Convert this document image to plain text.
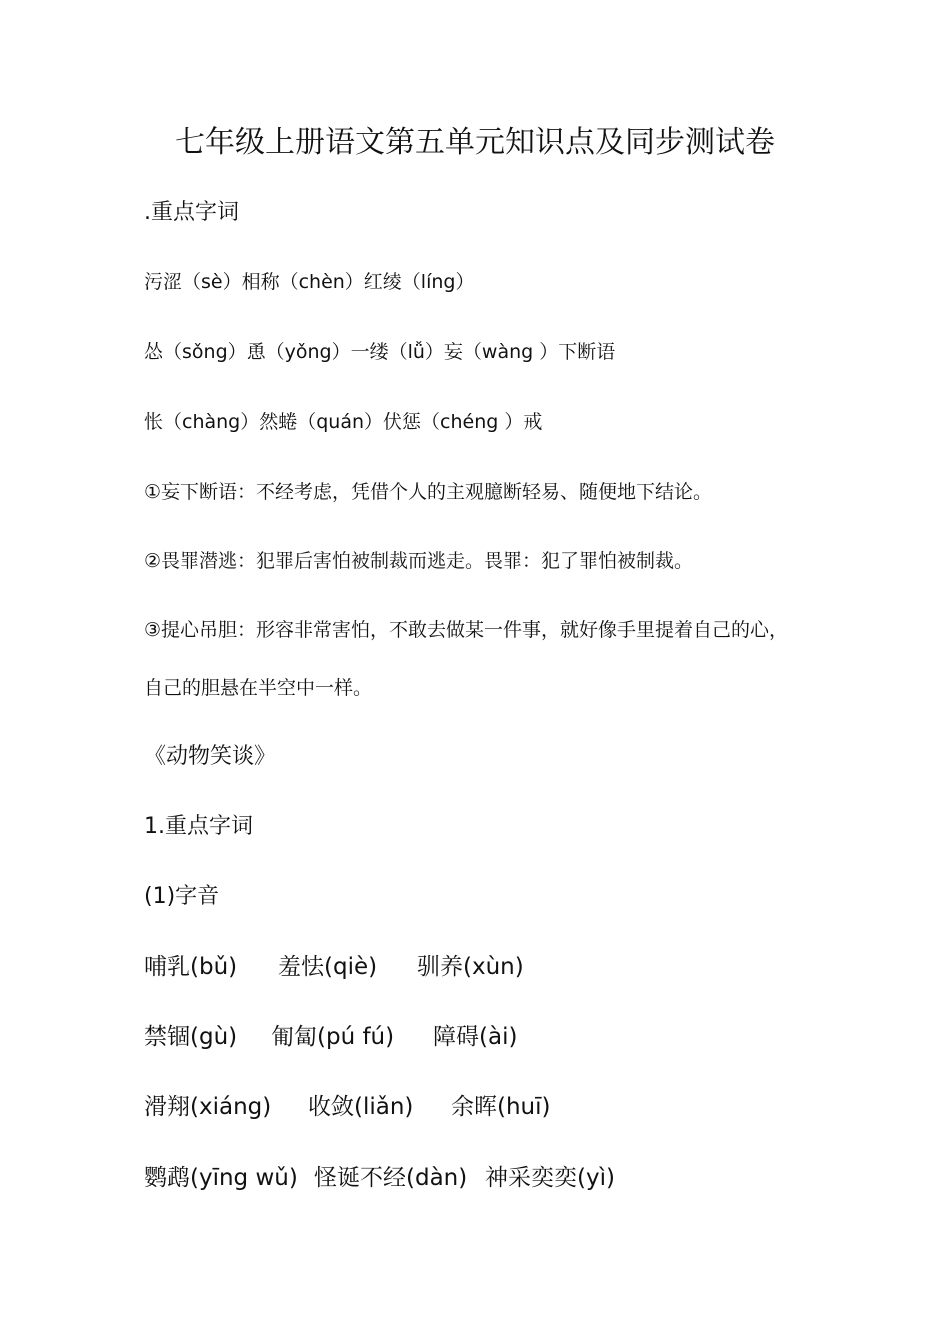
七年级上册语文第五单元知识点及同步测试卷
.重点字词
污涩（sè）相称（chèn）红绫（líng）
怂（sǒng）恿（yǒng）一缕（lǚ）妄（wàng ）下断语
怅（chàng）然蜷（quán）伏惩（chéng ）戒
①妄下断语：不经考虑，凭借个人的主观臆断轻易、随便地下结论。
②畏罪潜逃：犯罪后害怕被制裁而逃走。畏罪：犯了罪怕被制裁。
③提心吊胆：形容非常害怕，不敢去做某一件事，就好像手里提着自己的心，
自己的胆悬在半空中一样。
《动物笑谈》
1.重点字词
(1)字音
哺乳(bǔ) 羞怯(qiè) 驯养(xùn)
禁锢(gù) 匍匐(pú fú) 障碍(ài)
滑翔(xiáng) 收敛(liǎn) 余晖(huī)
鹦鹉(yīng wǔ) 怪诞不经(dàn) 神采奕奕(yì)
